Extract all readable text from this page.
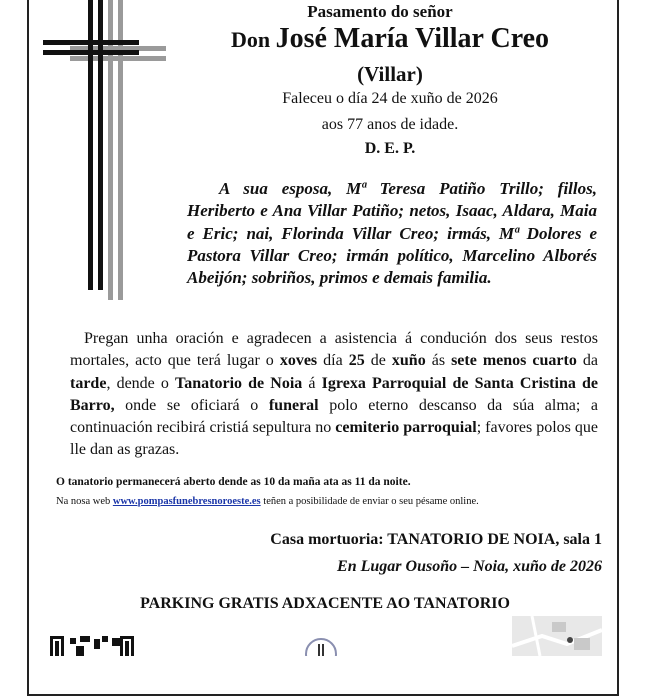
Pasamento do señor
Don José María Villar Creo
(Villar)
Faleceu o día 24 de xuño de 2026
aos 77 anos de idade.
D. E. P.
A sua esposa, Mª Teresa Patiño Trillo; fillos, Heriberto e Ana Villar Patiño; netos, Isaac, Aldara, Maia e Eric; nai, Florinda Villar Creo; irmás, Mª Dolores e Pastora Villar Creo; irmán político, Marcelino Alborés Abeijón; sobriños, primos e demais familia.
Pregan unha oración e agradecen a asistencia á condución dos seus restos mortales, acto que terá lugar o xoves día 25 de xuño ás sete menos cuarto da tarde, dende o Tanatorio de Noia á Igrexa Parroquial de Santa Cristina de Barro, onde se oficiará o funeral polo eterno descanso da súa alma; a continuación recibirá cristiá sepultura no cemiterio parroquial; favores polos que lle dan as grazas.
O tanatorio permanecerá aberto dende as 10 da maña ata as 11 da noite.
Na nosa web www.pompasfunebresnoroeste.es teñen a posibilidade de enviar o seu pésame online.
Casa mortuoria: TANATORIO DE NOIA, sala 1
En Lugar Ousoño – Noia, xuño de 2026
PARKING GRATIS ADXACENTE AO TANATORIO
